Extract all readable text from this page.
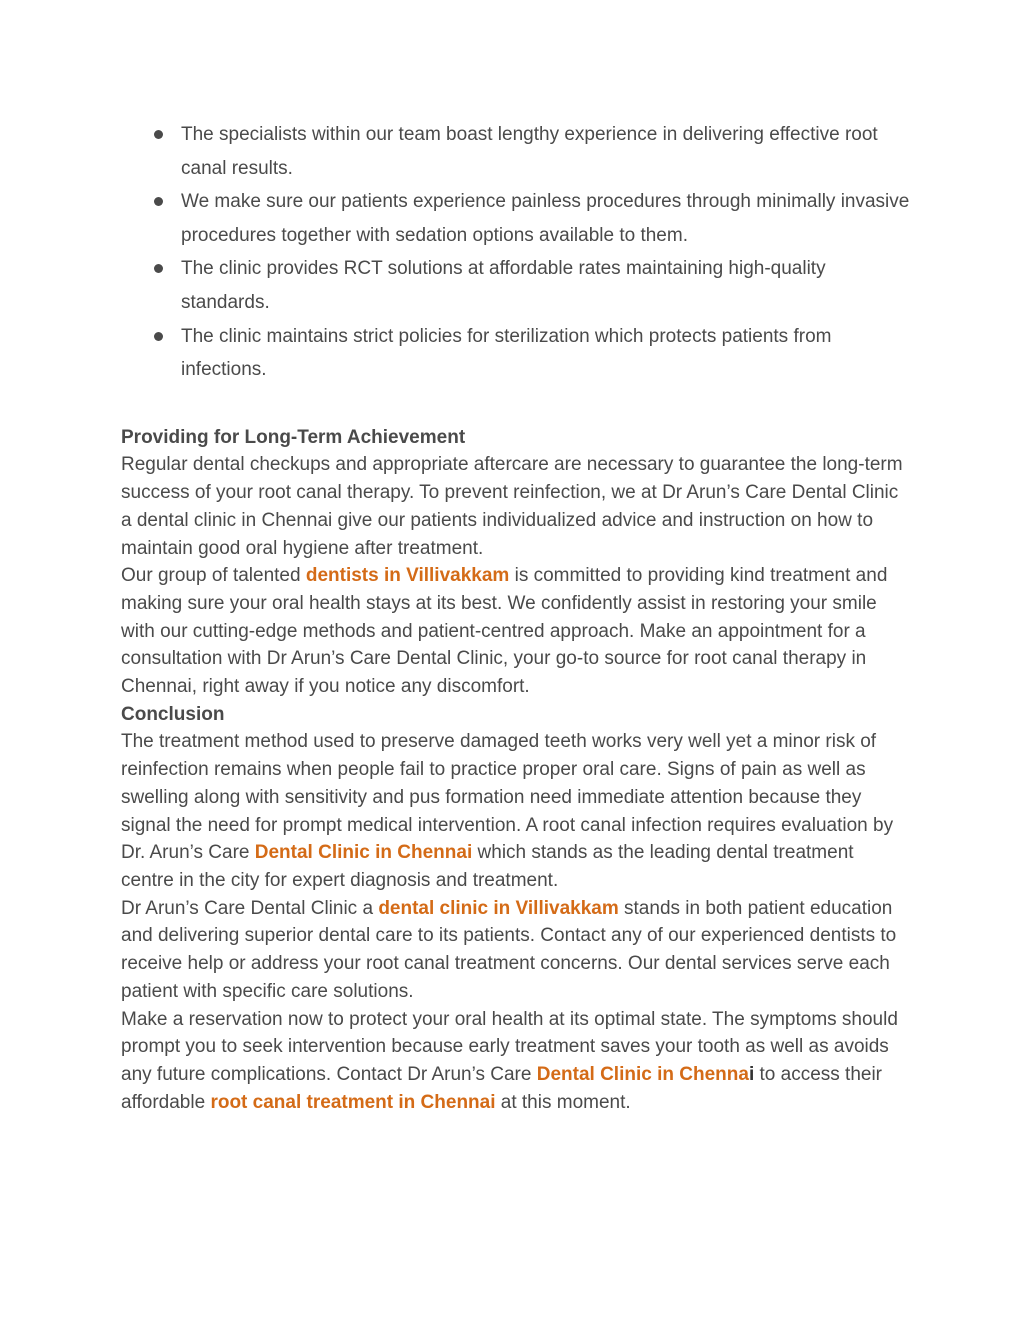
The specialists within our team boast lengthy experience in delivering effective root canal results.
We make sure our patients experience painless procedures through minimally invasive procedures together with sedation options available to them.
The clinic provides RCT solutions at affordable rates maintaining high-quality standards.
The clinic maintains strict policies for sterilization which protects patients from infections.
Providing for Long-Term Achievement

Regular dental checkups and appropriate aftercare are necessary to guarantee the long-term success of your root canal therapy. To prevent reinfection, we at Dr Arun’s Care Dental Clinic a dental clinic in Chennai give our patients individualized advice and instruction on how to maintain good oral hygiene after treatment.

Our group of talented dentists in Villivakkam is committed to providing kind treatment and making sure your oral health stays at its best. We confidently assist in restoring your smile with our cutting-edge methods and patient-centred approach. Make an appointment for a consultation with Dr Arun’s Care Dental Clinic, your go-to source for root canal therapy in Chennai, right away if you notice any discomfort.

Conclusion

The treatment method used to preserve damaged teeth works very well yet a minor risk of reinfection remains when people fail to practice proper oral care. Signs of pain as well as swelling along with sensitivity and pus formation need immediate attention because they signal the need for prompt medical intervention. A root canal infection requires evaluation by Dr. Arun’s Care Dental Clinic in Chennai which stands as the leading dental treatment centre in the city for expert diagnosis and treatment.

Dr Arun’s Care Dental Clinic a dental clinic in Villivakkam stands in both patient education and delivering superior dental care to its patients. Contact any of our experienced dentists to receive help or address your root canal treatment concerns. Our dental services serve each patient with specific care solutions.

Make a reservation now to protect your oral health at its optimal state. The symptoms should prompt you to seek intervention because early treatment saves your tooth as well as avoids any future complications. Contact Dr Arun’s Care Dental Clinic in Chennai to access their affordable root canal treatment in Chennai at this moment.
